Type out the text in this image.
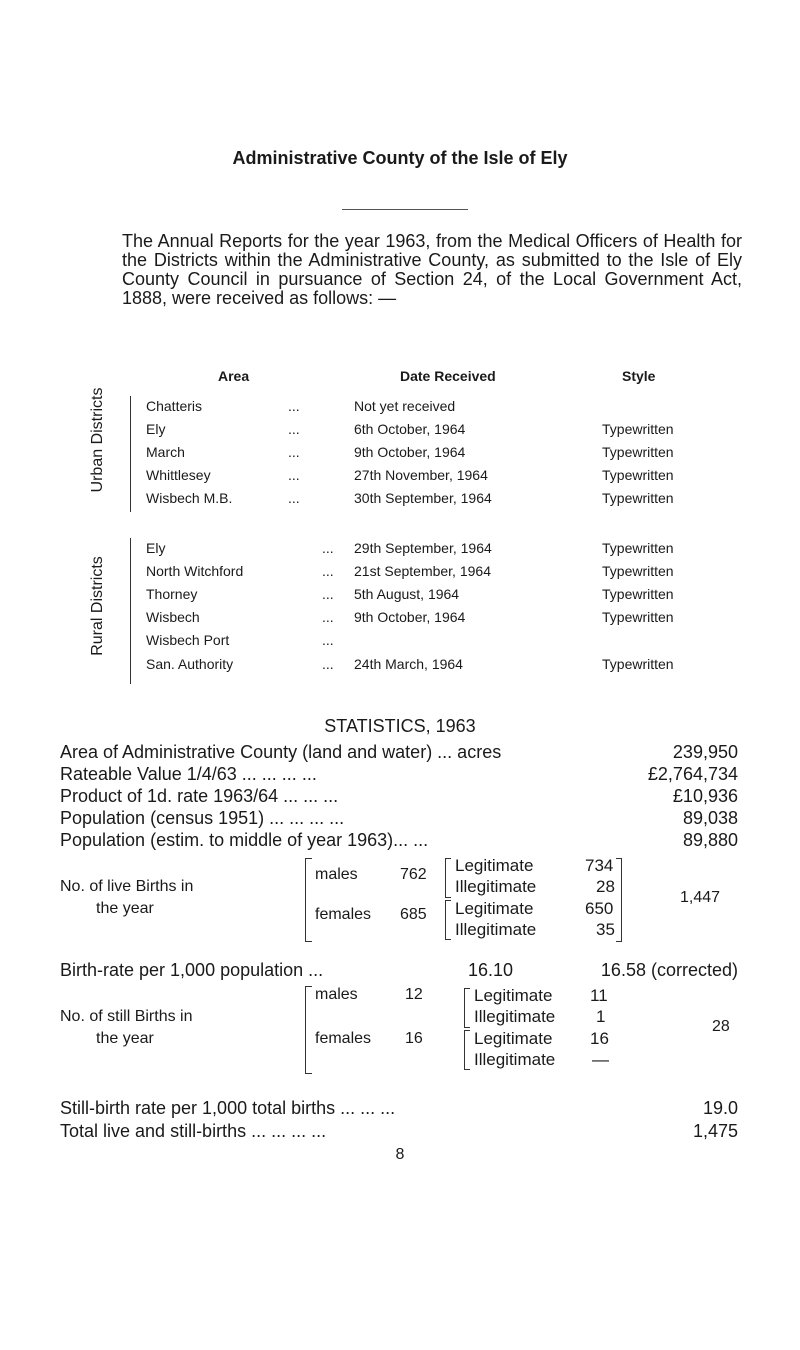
Administrative County of the Isle of Ely
The Annual Reports for the year 1963, from the Medical Officers of Health for the Districts within the Administrative County, as submitted to the Isle of Ely County Council in pursuance of Section 24, of the Local Government Act, 1888, were received as follows: —
Area	Date Received	Style
Urban Districts
Rural Districts
Chatteris	...	Not yet received
Ely	...	6th October, 1964	Typewritten
March	...	9th October, 1964	Typewritten
Whittlesey	...	27th November, 1964	Typewritten
Wisbech M.B.	...	30th September, 1964	Typewritten
Ely	... 29th September, 1964	Typewritten
North Witchford	... 21st September, 1964	Typewritten
Thorney	... 5th August, 1964	Typewritten
Wisbech	... 9th October, 1964	Typewritten
Wisbech Port	...
San. Authority	... 24th March, 1964	Typewritten
STATISTICS, 1963
Area of Administrative County (land and water) ... acres	239,950
Rateable Value 1/4/63 ... ... ... ...	£2,764,734
Product of 1d. rate 1963/64 ... ... ...	£10,936
Population (census 1951) ... ... ... ...	89,038
Population (estim. to middle of year 1963)... ...	89,880
No. of live Births in
the year
males	762
females 685
Legitimate	734
Illegitimate	28
Legitimate	650
Illegitimate	35
1,447
Birth-rate per 1,000 population ...	16.10	16.58 (corrected)
No. of still Births in
the year
males	12
females 16
Legitimate 11
Illegitimate 1
Legitimate 16
Illegitimate —
28
Still-birth rate per 1,000 total births ... ... ...	19.0
Total live and still-births ... ... ... ...	1,475
8
